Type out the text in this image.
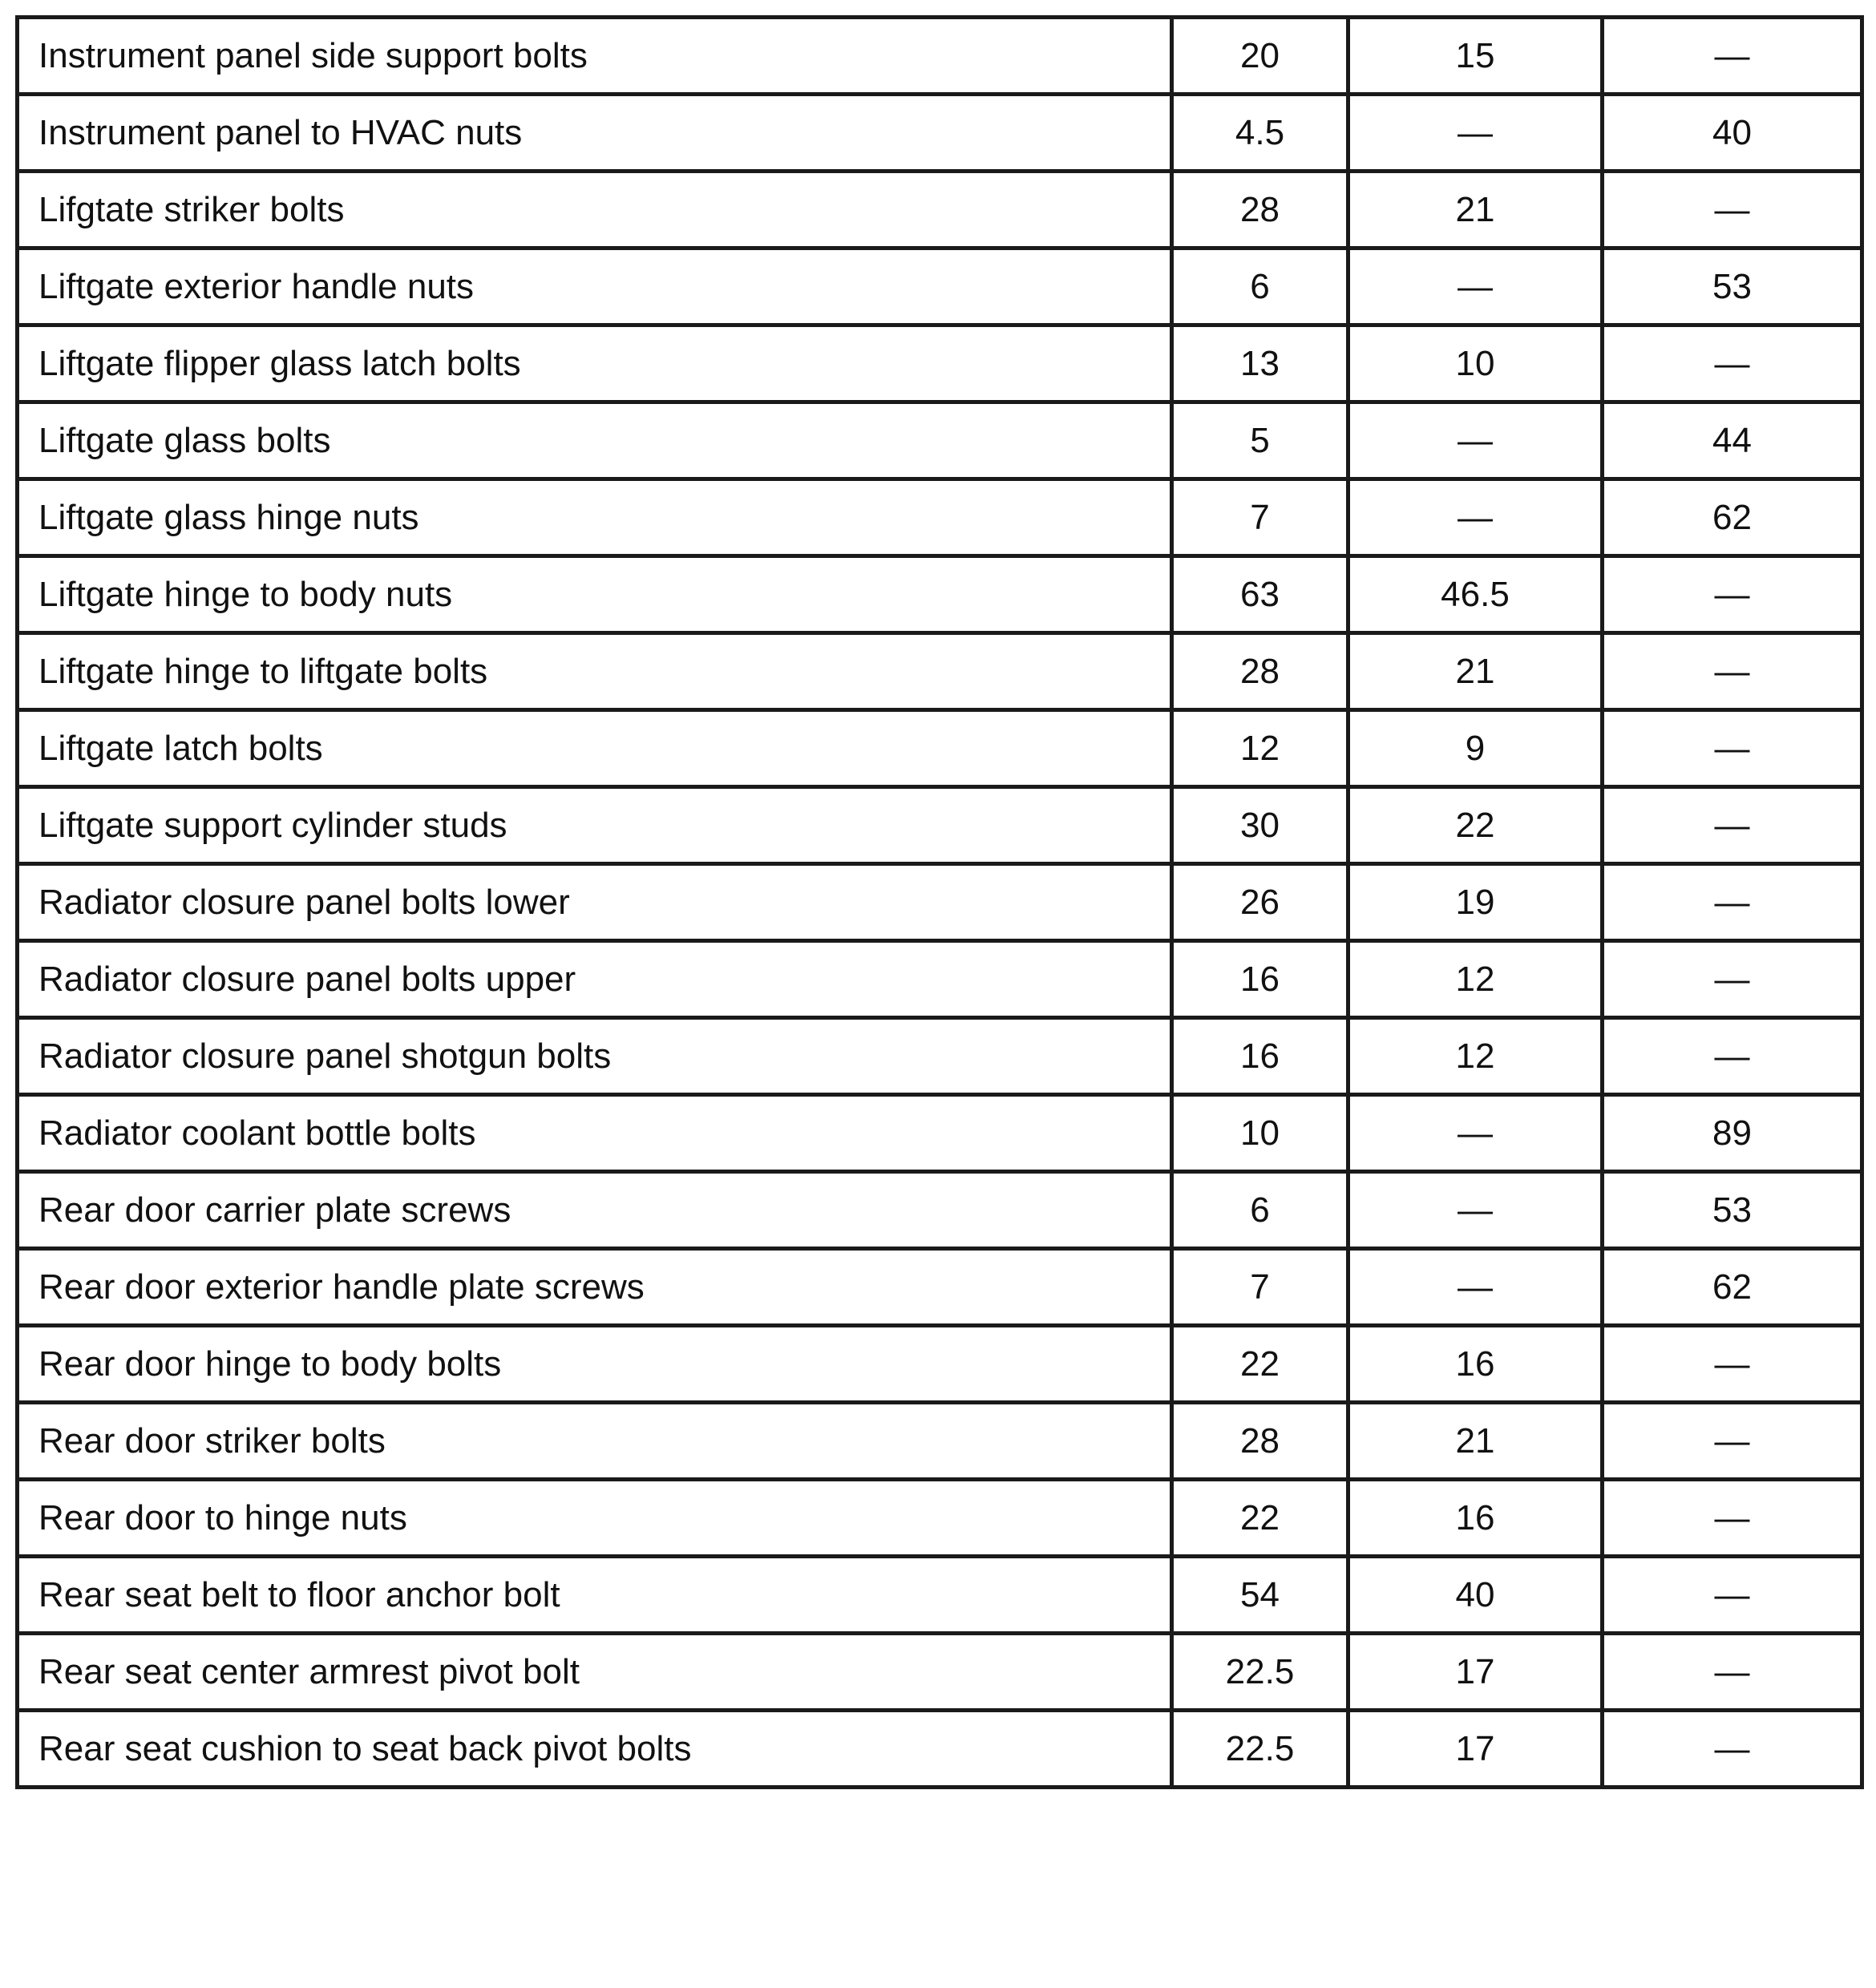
Instrument panel side support bolts	20	15	—
Instrument panel to HVAC nuts	4.5	—	40
Lifgtate striker bolts	28	21	—
Liftgate exterior handle nuts	6	—	53
Liftgate flipper glass latch bolts	13	10	—
Liftgate glass bolts	5	—	44
Liftgate glass hinge nuts	7	—	62
Liftgate hinge to body nuts	63	46.5	—
Liftgate hinge to liftgate bolts	28	21	—
Liftgate latch bolts	12	9	—
Liftgate support cylinder studs	30	22	—
Radiator closure panel bolts lower	26	19	—
Radiator closure panel bolts upper	16	12	—
Radiator closure panel shotgun bolts	16	12	—
Radiator coolant bottle bolts	10	—	89
Rear door carrier plate screws	6	—	53
Rear door exterior handle plate screws	7	—	62
Rear door hinge to body bolts	22	16	—
Rear door striker bolts	28	21	—
Rear door to hinge nuts	22	16	—
Rear seat belt to floor anchor bolt	54	40	—
Rear seat center armrest pivot bolt	22.5	17	—
Rear seat cushion to seat back pivot bolts	22.5	17	—
